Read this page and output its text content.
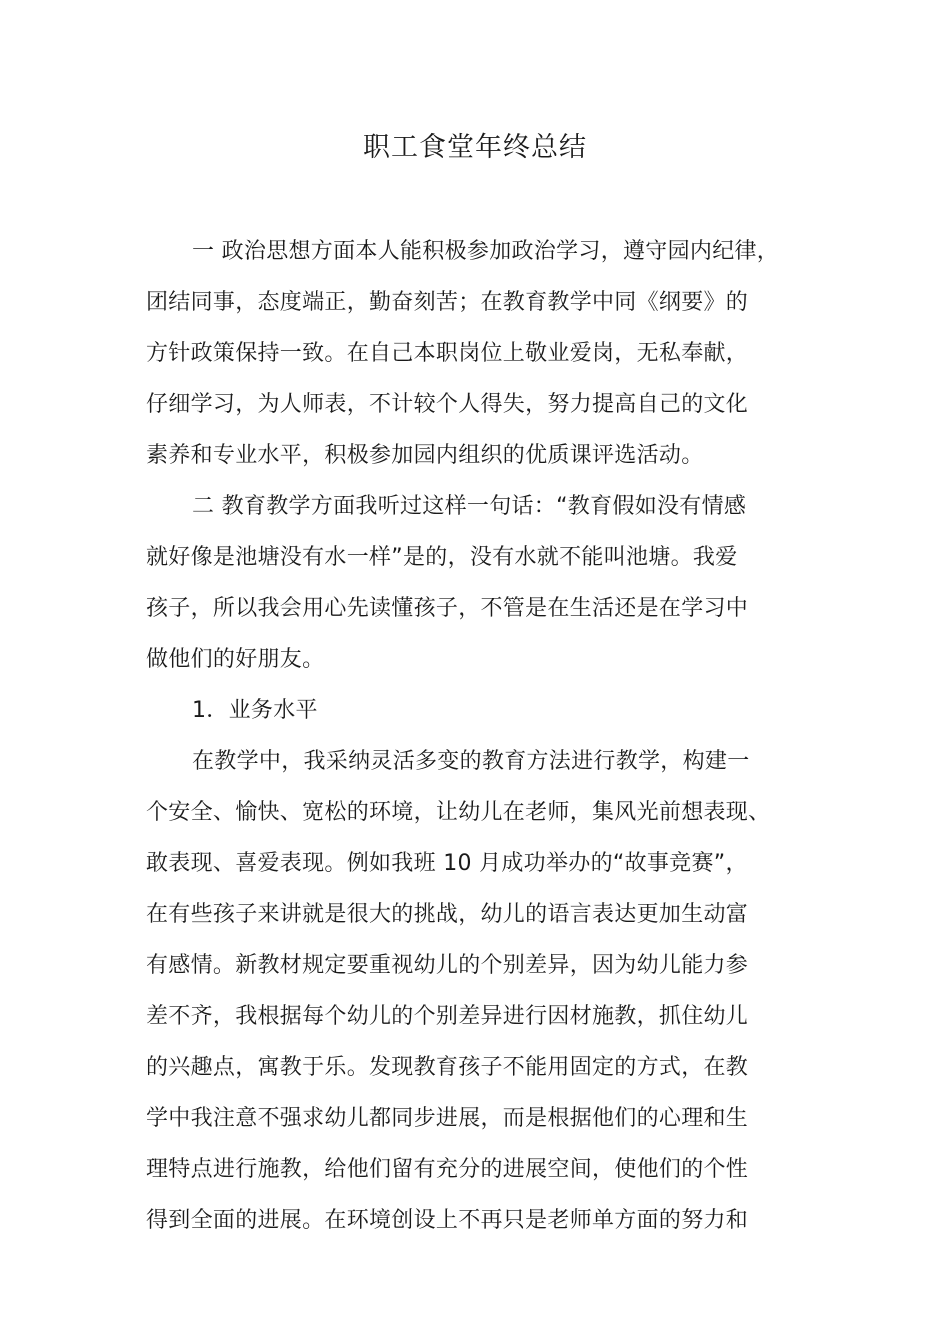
职工食堂年终总结
一 政治思想方面本人能积极参加政治学习，遵守园内纪律，
团结同事，态度端正，勤奋刻苦；在教育教学中同《纲要》的
方针政策保持一致。在自己本职岗位上敬业爱岗，无私奉献，
仔细学习，为人师表，不计较个人得失，努力提高自己的文化
素养和专业水平，积极参加园内组织的优质课评选活动。
二 教育教学方面我听过这样一句话：“教育假如没有情感
就好像是池塘没有水一样”是的，没有水就不能叫池塘。我爱
孩子，所以我会用心先读懂孩子，不管是在生活还是在学习中
做他们的好朋友。
1．业务水平
在教学中，我采纳灵活多变的教育方法进行教学，构建一
个安全、愉快、宽松的环境，让幼儿在老师，集风光前想表现、
敢表现、喜爱表现。例如我班 10 月成功举办的“故事竞赛”，
在有些孩子来讲就是很大的挑战，幼儿的语言表达更加生动富
有感情。新教材规定要重视幼儿的个别差异，因为幼儿能力参
差不齐，我根据每个幼儿的个别差异进行因材施教，抓住幼儿
的兴趣点，寓教于乐。发现教育孩子不能用固定的方式，在教
学中我注意不强求幼儿都同步进展，而是根据他们的心理和生
理特点进行施教，给他们留有充分的进展空间，使他们的个性
得到全面的进展。在环境创设上不再只是老师单方面的努力和
